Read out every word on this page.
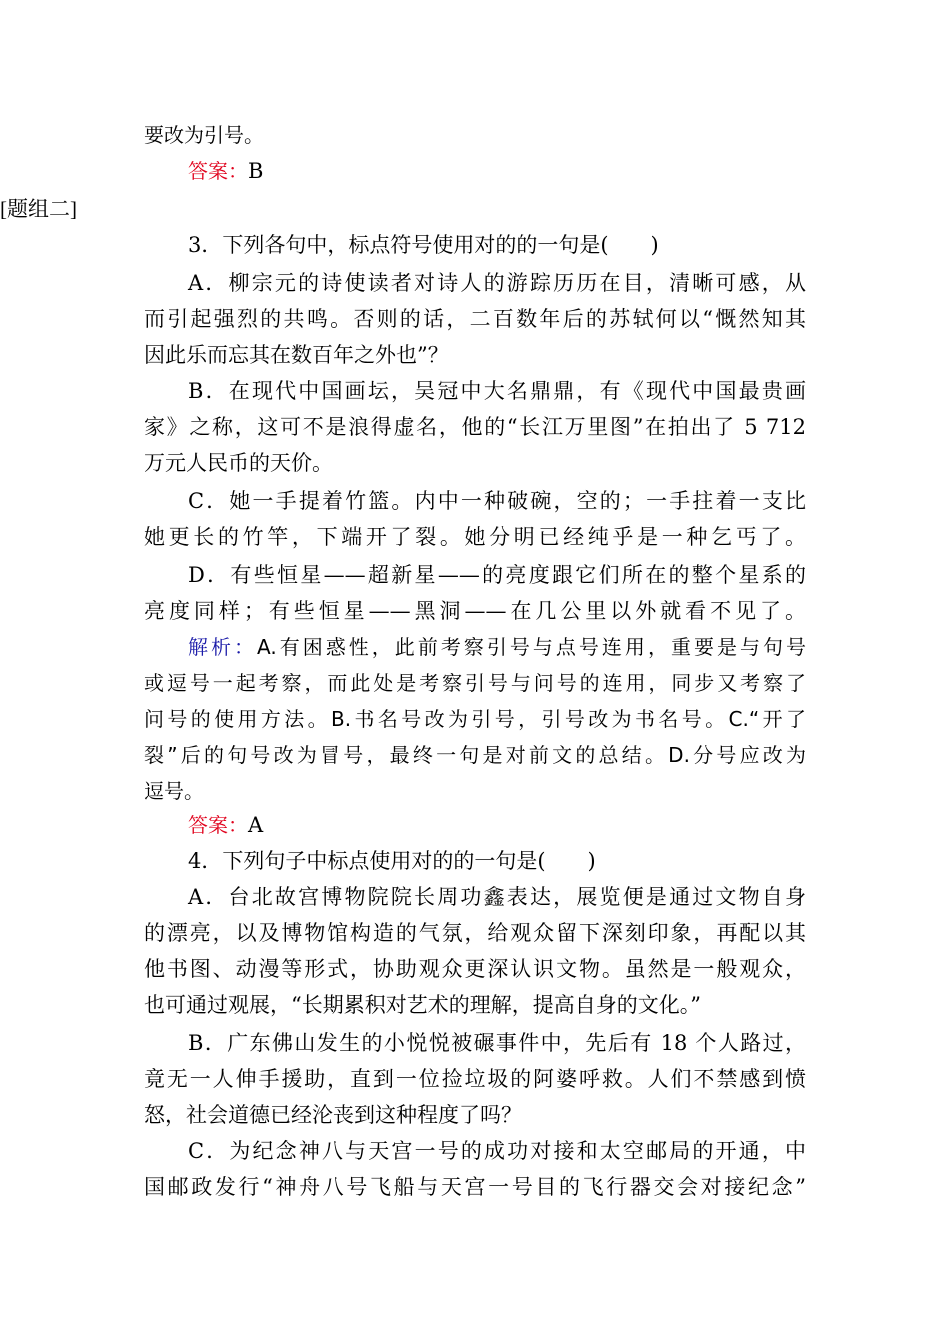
要改为引号。
答案：B
[题组二]
3．下列各句中，标点符号使用对的的一句是(　　)
A．柳宗元的诗使读者对诗人的游踪历历在目，清晰可感，从
而引起强烈的共鸣。否则的话，二百数年后的苏轼何以“慨然知其
因此乐而忘其在数百年之外也”？
B．在现代中国画坛，吴冠中大名鼎鼎，有《现代中国最贵画
家》之称，这可不是浪得虚名，他的“长江万里图”在拍出了 5 712
万元人民币的天价。
C．她一手提着竹篮。内中一种破碗，空的；一手拄着一支比
她更长的竹竿，下端开了裂。她分明已经纯乎是一种乞丐了。
D．有些恒星——超新星——的亮度跟它们所在的整个星系的
亮度同样；有些恒星——黑洞——在几公里以外就看不见了。
解析：A.有困惑性，此前考察引号与点号连用，重要是与句号
或逗号一起考察，而此处是考察引号与问号的连用，同步又考察了
问号的使用方法。B.书名号改为引号，引号改为书名号。C.“开了
裂”后的句号改为冒号，最终一句是对前文的总结。D.分号应改为
逗号。
答案：A
4．下列句子中标点使用对的的一句是(　　)
A．台北故宫博物院院长周功鑫表达，展览便是通过文物自身
的漂亮，以及博物馆构造的气氛，给观众留下深刻印象，再配以其
他书图、动漫等形式，协助观众更深认识文物。虽然是一般观众，
也可通过观展，“长期累积对艺术的理解，提高自身的文化。”
B．广东佛山发生的小悦悦被碾事件中，先后有 18 个人路过，
竟无一人伸手援助，直到一位捡垃圾的阿婆呼救。人们不禁感到愤
怒，社会道德已经沦丧到这种程度了吗？
C．为纪念神八与天宫一号的成功对接和太空邮局的开通，中
国邮政发行“神舟八号飞船与天宫一号目的飞行器交会对接纪念”
